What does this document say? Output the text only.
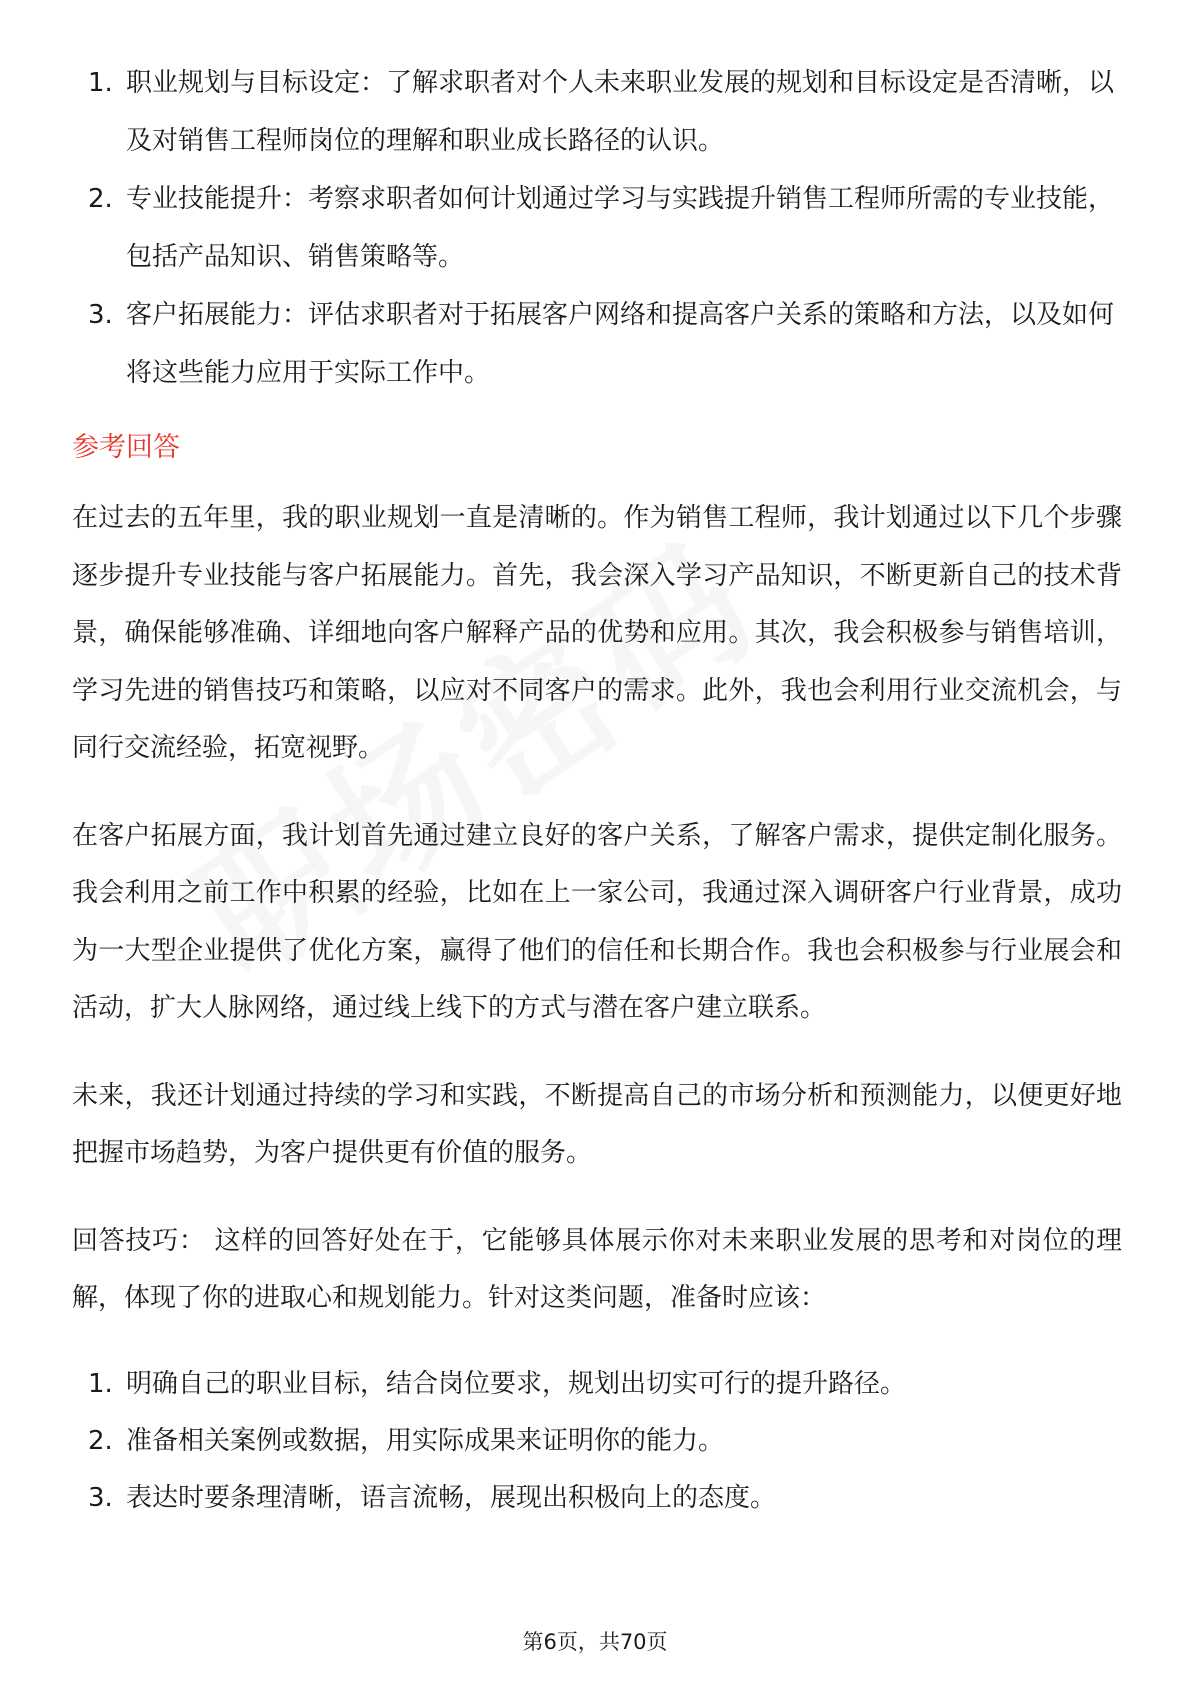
1. 职业规划与目标设定：了解求职者对个人未来职业发展的规划和目标设定是否清晰，以及对销售工程师岗位的理解和职业成长路径的认识。
2. 专业技能提升：考察求职者如何计划通过学习与实践提升销售工程师所需的专业技能，包括产品知识、销售策略等。
3. 客户拓展能力：评估求职者对于拓展客户网络和提高客户关系的策略和方法，以及如何将这些能力应用于实际工作中。
参考回答

在过去的五年里，我的职业规划一直是清晰的。作为销售工程师，我计划通过以下几个步骤逐步提升专业技能与客户拓展能力。首先，我会深入学习产品知识，不断更新自己的技术背景，确保能够准确、详细地向客户解释产品的优势和应用。其次，我会积极参与销售培训，学习先进的销售技巧和策略，以应对不同客户的需求。此外，我也会利用行业交流机会，与同行交流经验，拓宽视野。

在客户拓展方面，我计划首先通过建立良好的客户关系，了解客户需求，提供定制化服务。我会利用之前工作中积累的经验，比如在上一家公司，我通过深入调研客户行业背景，成功为一大型企业提供了优化方案，赢得了他们的信任和长期合作。我也会积极参与行业展会和活动，扩大人脉网络，通过线上线下的方式与潜在客户建立联系。

未来，我还计划通过持续的学习和实践，不断提高自己的市场分析和预测能力，以便更好地把握市场趋势，为客户提供更有价值的服务。

回答技巧： 这样的回答好处在于，它能够具体展示你对未来职业发展的思考和对岗位的理解，体现了你的进取心和规划能力。针对这类问题，准备时应该：

1. 明确自己的职业目标，结合岗位要求，规划出切实可行的提升路径。
2. 准备相关案例或数据，用实际成果来证明你的能力。
3. 表达时要条理清晰，语言流畅，展现出积极向上的态度。
第6页，共70页
